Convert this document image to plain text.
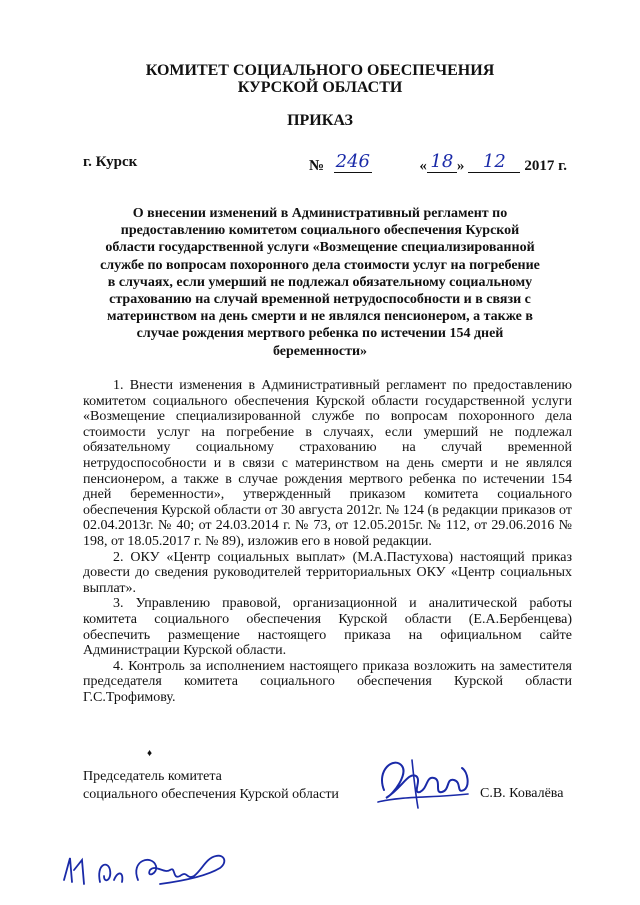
КОМИТЕТ СОЦИАЛЬНОГО ОБЕСПЕЧЕНИЯ
КУРСКОЙ ОБЛАСТИ
ПРИКАЗ
г. Курск	№ 246	« 18 » 12 2017 г.
О внесении изменений в Административный регламент по
предоставлению комитетом социального обеспечения Курской
области государственной услуги «Возмещение специализированной
службе по вопросам похоронного дела стоимости услуг на погребение
в случаях, если умерший не подлежал обязательному социальному
страхованию на случай временной нетрудоспособности и в связи с
материнством на день смерти и не являлся пенсионером, а также в
случае рождения мертвого ребенка по истечении 154 дней
беременности»

1. Внести изменения в Административный регламент по предоставлению комитетом социального обеспечения Курской области государственной услуги «Возмещение специализированной службе по вопросам похоронного дела стоимости услуг на погребение в случаях, если умерший не подлежал обязательному социальному страхованию на случай временной нетрудоспособности и в связи с материнством на день смерти и не являлся пенсионером, а также в случае рождения мертвого ребенка по истечении 154 дней беременности», утвержденный приказом комитета социального обеспечения Курской области от 30 августа 2012г. № 124 (в редакции приказов от 02.04.2013г. № 40; от 24.03.2014 г. № 73, от 12.05.2015г. № 112, от 29.06.2016 № 198, от 18.05.2017 г. № 89), изложив его в новой редакции.

2. ОКУ «Центр социальных выплат» (М.А.Пастухова) настоящий приказ довести до сведения руководителей территориальных ОКУ «Центр социальных выплат».

3. Управлению правовой, организационной и аналитической работы комитета социального обеспечения Курской области (Е.А.Бербенцева) обеспечить размещение настоящего приказа на официальном сайте Администрации Курской области.

4. Контроль за исполнением настоящего приказа возложить на заместителя председателя комитета социального обеспечения Курской области Г.С.Трофимову.

♦
Председатель комитета
социального обеспечения Курской области	С.В. Ковалёва
